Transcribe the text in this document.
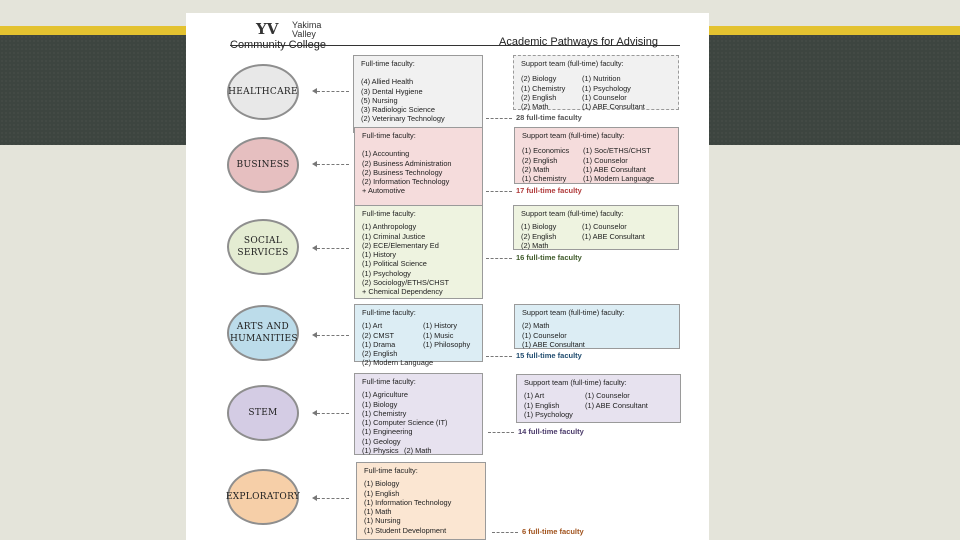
YV Yakima
Valley
Community College	Academic Pathways for Advising
HEALTHCARE
Full-time faculty:
(4) Allied Health
(3) Dental Hygiene
(5) Nursing
(3) Radiologic Science
(2) Veterinary Technology
Support team (full-time) faculty:
(2) Biology
(1) Chemistry
(2) English
(2) Math
(1) Nutrition
(1) Psychology
(1) Counselor
(1) ABE Consultant
28 full-time faculty
BUSINESS
Full-time faculty:
(1) Accounting
(2) Business Administration
(2) Business Technology
(2) Information Technology
+ Automotive
Support team (full-time) faculty:
(1) Economics
(2) English
(2) Math
(1) Chemistry
(1) Soc/ETHS/CHST
(1) Counselor
(1) ABE Consultant
(1) Modern Language
17 full-time faculty
SOCIAL SERVICES
Full-time faculty:
(1) Anthropology
(1) Criminal Justice
(2) ECE/Elementary Ed
(1) History
(1) Political Science
(1) Psychology
(2) Sociology/ETHS/CHST
+ Chemical Dependency
Support team (full-time) faculty:
(1) Biology
(2) English
(2) Math
(1) Counselor
(1) ABE Consultant
16 full-time faculty
ARTS AND HUMANITIES
Full-time faculty:
(1) Art
(2) CMST
(1) Drama
(2) English
(2) Modern Language
(1) History
(1) Music
(1) Philosophy
Support team (full-time) faculty:
(2) Math
(1) Counselor
(1) ABE Consultant
15 full-time faculty
STEM
Full-time faculty:
(1) Agriculture
(1) Biology
(1) Chemistry
(1) Computer Science (IT)
(1) Engineering
(1) Geology
(1) Physics (2) Math
Support team (full-time) faculty:
(1) Art
(1) English
(1) Psychology
(1) Counselor
(1) ABE Consultant
14 full-time faculty
EXPLORATORY
Full-time faculty:
(1) Biology
(1) English
(1) Information Technology
(1) Math
(1) Nursing
(1) Student Development	6 full-time faculty
